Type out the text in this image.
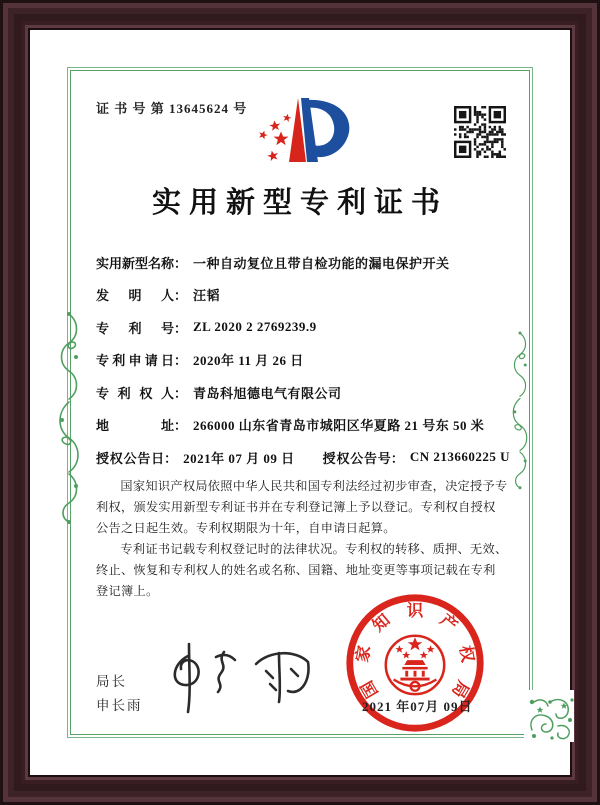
证 书 号 第 13645624 号
实用新型专利证书
实用新型名称 ： 一种自动复位且带自检功能的漏电保护开关
发明人 ： 汪韬
专利号 ： ZL 2020 2 2769239.9
专利申请日 ： 2020年 11 月 26 日
专利权人 ： 青岛科旭德电气有限公司
地址 ： 266000 山东省青岛市城阳区华夏路 21 号东 50 米
授权公告日 ： 2021年 07 月 09 日 授权公告号 ： CN 213660225 U

国家知识产权局依照中华人民共和国专利法经过初步审查，决定授予专利权，颁发实用新型专利证书并在专利登记簿上予以登记。专利权自授权公告之日起生效。专利权期限为十年，自申请日起算。

专利证书记载专利权登记时的法律状况。专利权的转移、质押、无效、终止、恢复和专利权人的姓名或名称、国籍、地址变更等事项记载在专利登记簿上。

局长
申长雨
国
家
知 识 产
权
局
2021 年07月 09日
